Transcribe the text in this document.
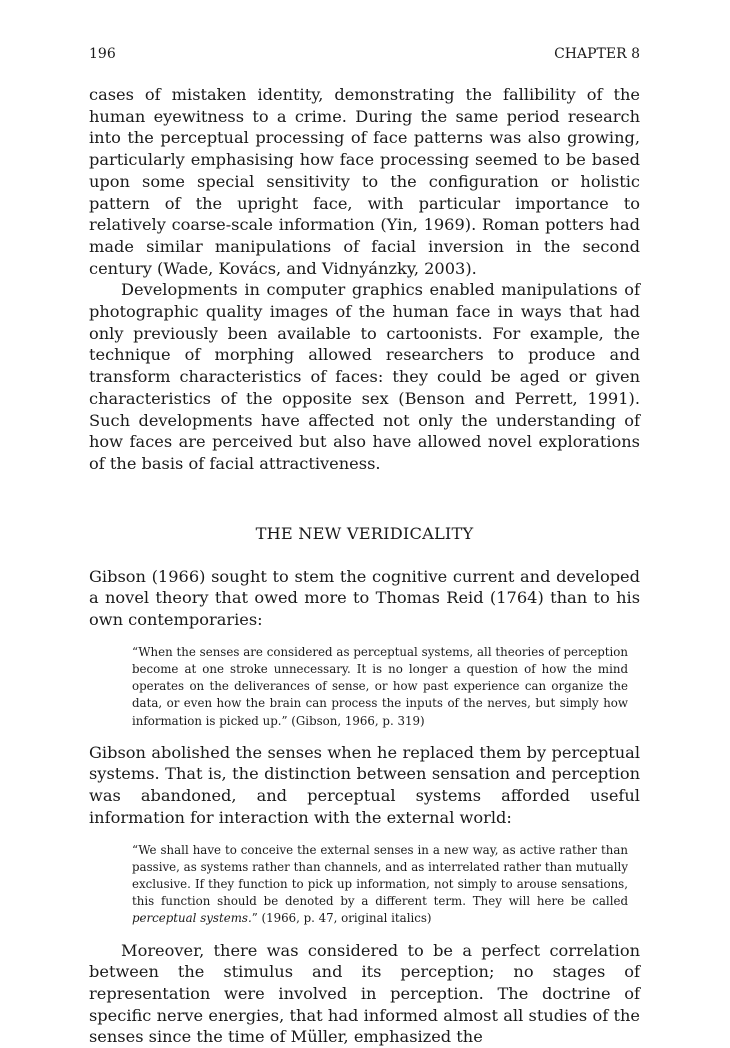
196	CHAPTER 8

cases of mistaken identity, demonstrating the fallibility of the human eyewitness to a crime. During the same period research into the perceptual processing of face patterns was also growing, particularly emphasising how face processing seemed to be based upon some special sensitivity to the configuration or holistic pattern of the upright face, with particular importance to relatively coarse-scale information (Yin, 1969). Roman potters had made similar manipulations of facial inversion in the second century (Wade, Kovács, and Vidnyánzky, 2003).

Developments in computer graphics enabled manipulations of photographic quality images of the human face in ways that had only previously been available to cartoonists. For example, the technique of morphing allowed researchers to produce and transform characteristics of faces: they could be aged or given characteristics of the opposite sex (Benson and Perrett, 1991). Such developments have affected not only the understanding of how faces are perceived but also have allowed novel explorations of the basis of facial attractiveness.

THE NEW VERIDICALITY

Gibson (1966) sought to stem the cognitive current and developed a novel theory that owed more to Thomas Reid (1764) than to his own contemporaries:

“When the senses are considered as perceptual systems, all theories of perception become at one stroke unnecessary. It is no longer a question of how the mind operates on the deliverances of sense, or how past experience can organize the data, or even how the brain can process the inputs of the nerves, but simply how information is picked up.” (Gibson, 1966, p. 319)

Gibson abolished the senses when he replaced them by perceptual systems. That is, the distinction between sensation and perception was abandoned, and perceptual systems afforded useful information for interaction with the external world:

“We shall have to conceive the external senses in a new way, as active rather than passive, as systems rather than channels, and as interrelated rather than mutually exclusive. If they function to pick up information, not simply to arouse sensations, this function should be denoted by a different term. They will here be called perceptual systems.” (1966, p. 47, original italics)

Moreover, there was considered to be a perfect correlation between the stimulus and its perception; no stages of representation were involved in perception. The doctrine of specific nerve energies, that had informed almost all studies of the senses since the time of Müller, emphasized the
